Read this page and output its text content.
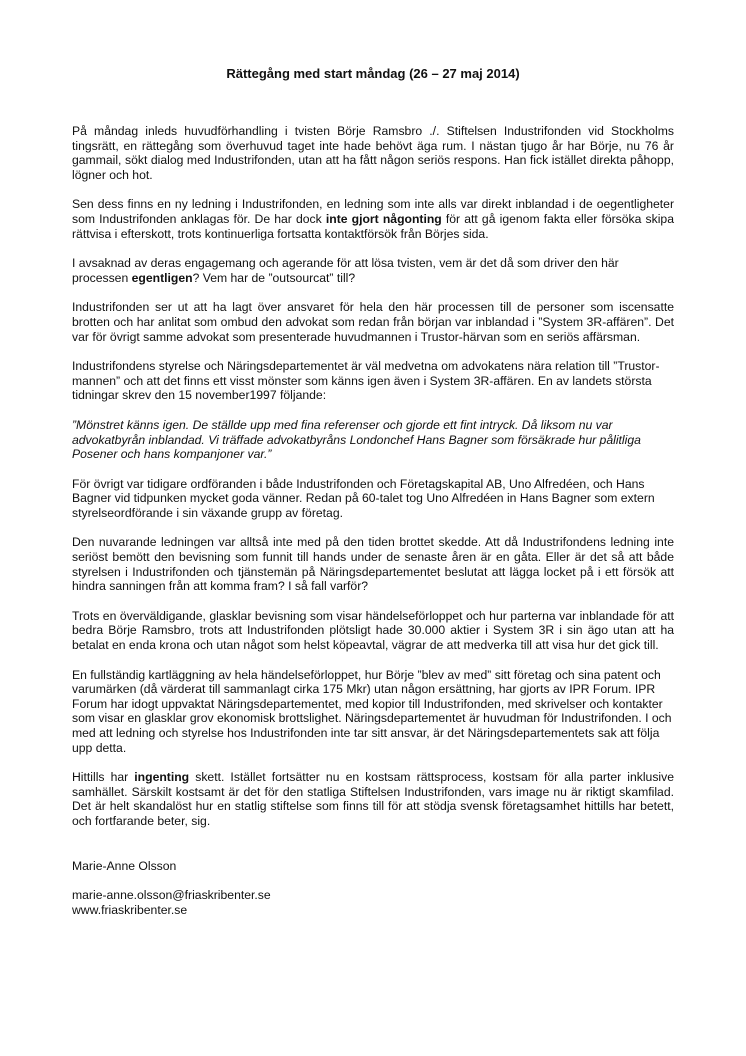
Rättegång med start måndag (26 – 27 maj 2014)

På måndag inleds huvudförhandling i tvisten Börje Ramsbro ./. Stiftelsen Industrifonden vid Stockholms tingsrätt, en rättegång som överhuvud taget inte hade behövt äga rum. I nästan tjugo år har Börje, nu 76 år gammail, sökt dialog med Industrifonden, utan att ha fått någon seriös respons. Han fick istället direkta påhopp, lögner och hot.

Sen dess finns en ny ledning i Industrifonden, en ledning som inte alls var direkt inblandad i de oegentligheter som Industrifonden anklagas för. De har dock inte gjort någonting för att gå igenom fakta eller försöka skipa rättvisa i efterskott, trots kontinuerliga fortsatta kontaktförsök från Börjes sida.

I avsaknad av deras engagemang och agerande för att lösa tvisten, vem är det då som driver den här processen egentligen? Vem har de ”outsourcat” till?

Industrifonden ser ut att ha lagt över ansvaret för hela den här processen till de personer som iscensatte brotten och har anlitat som ombud den advokat som redan från början var inblandad i ”System 3R-affären”. Det var för övrigt samme advokat som presenterade huvudmannen i Trustor-härvan som en seriös affärsman.

Industrifondens styrelse och Näringsdepartementet är väl medvetna om advokatens nära relation till ”Trustor-mannen” och att det finns ett visst mönster som känns igen även i System 3R-affären. En av landets största tidningar skrev den 15 november1997 följande:

”Mönstret känns igen. De ställde upp med fina referenser och gjorde ett fint intryck. Då liksom nu var advokatbyrån inblandad. Vi träffade advokatbyråns Londonchef Hans Bagner som försäkrade hur pålitliga Posener och hans kompanjoner var.”

För övrigt var tidigare ordföranden i både Industrifonden och Företagskapital AB, Uno Alfredéen, och Hans Bagner vid tidpunken mycket goda vänner. Redan på 60-talet tog Uno Alfredéen in Hans Bagner som extern styrelseordförande i sin växande grupp av företag.

Den nuvarande ledningen var alltså inte med på den tiden brottet skedde. Att då Industrifondens ledning inte seriöst bemött den bevisning som funnit till hands under de senaste åren är en gåta. Eller är det så att både styrelsen i Industrifonden och tjänstemän på Näringsdepartementet beslutat att lägga locket på i ett försök att hindra sanningen från att komma fram? I så fall varför?

Trots en överväldigande, glasklar bevisning som visar händelseförloppet och hur parterna var inblandade för att bedra Börje Ramsbro, trots att Industrifonden plötsligt hade 30.000 aktier i System 3R i sin ägo utan att ha betalat en enda krona och utan något som helst köpeavtal, vägrar de att medverka till att visa hur det gick till.

En fullständig kartläggning av hela händelseförloppet, hur Börje ”blev av med” sitt företag och sina patent och varumärken (då värderat till sammanlagt cirka 175 Mkr) utan någon ersättning, har gjorts av IPR Forum. IPR Forum har idogt uppvaktat Näringsdepartementet, med kopior till Industrifonden, med skrivelser och kontakter som visar en glasklar grov ekonomisk brottslighet. Näringsdepartementet är huvudman för Industrifonden. I och med att ledning och styrelse hos Industrifonden inte tar sitt ansvar, är det Näringsdepartementets sak att följa upp detta.

Hittills har ingenting skett. Istället fortsätter nu en kostsam rättsprocess, kostsam för alla parter inklusive samhället. Särskilt kostsamt är det för den statliga Stiftelsen Industrifonden, vars image nu är riktigt skamfilad. Det är helt skandalöst hur en statlig stiftelse som finns till för att stödja svensk företagsamhet hittills har betett, och fortfarande beter, sig.

Marie-Anne Olsson

marie-anne.olsson@friaskribenter.se
www.friaskribenter.se
